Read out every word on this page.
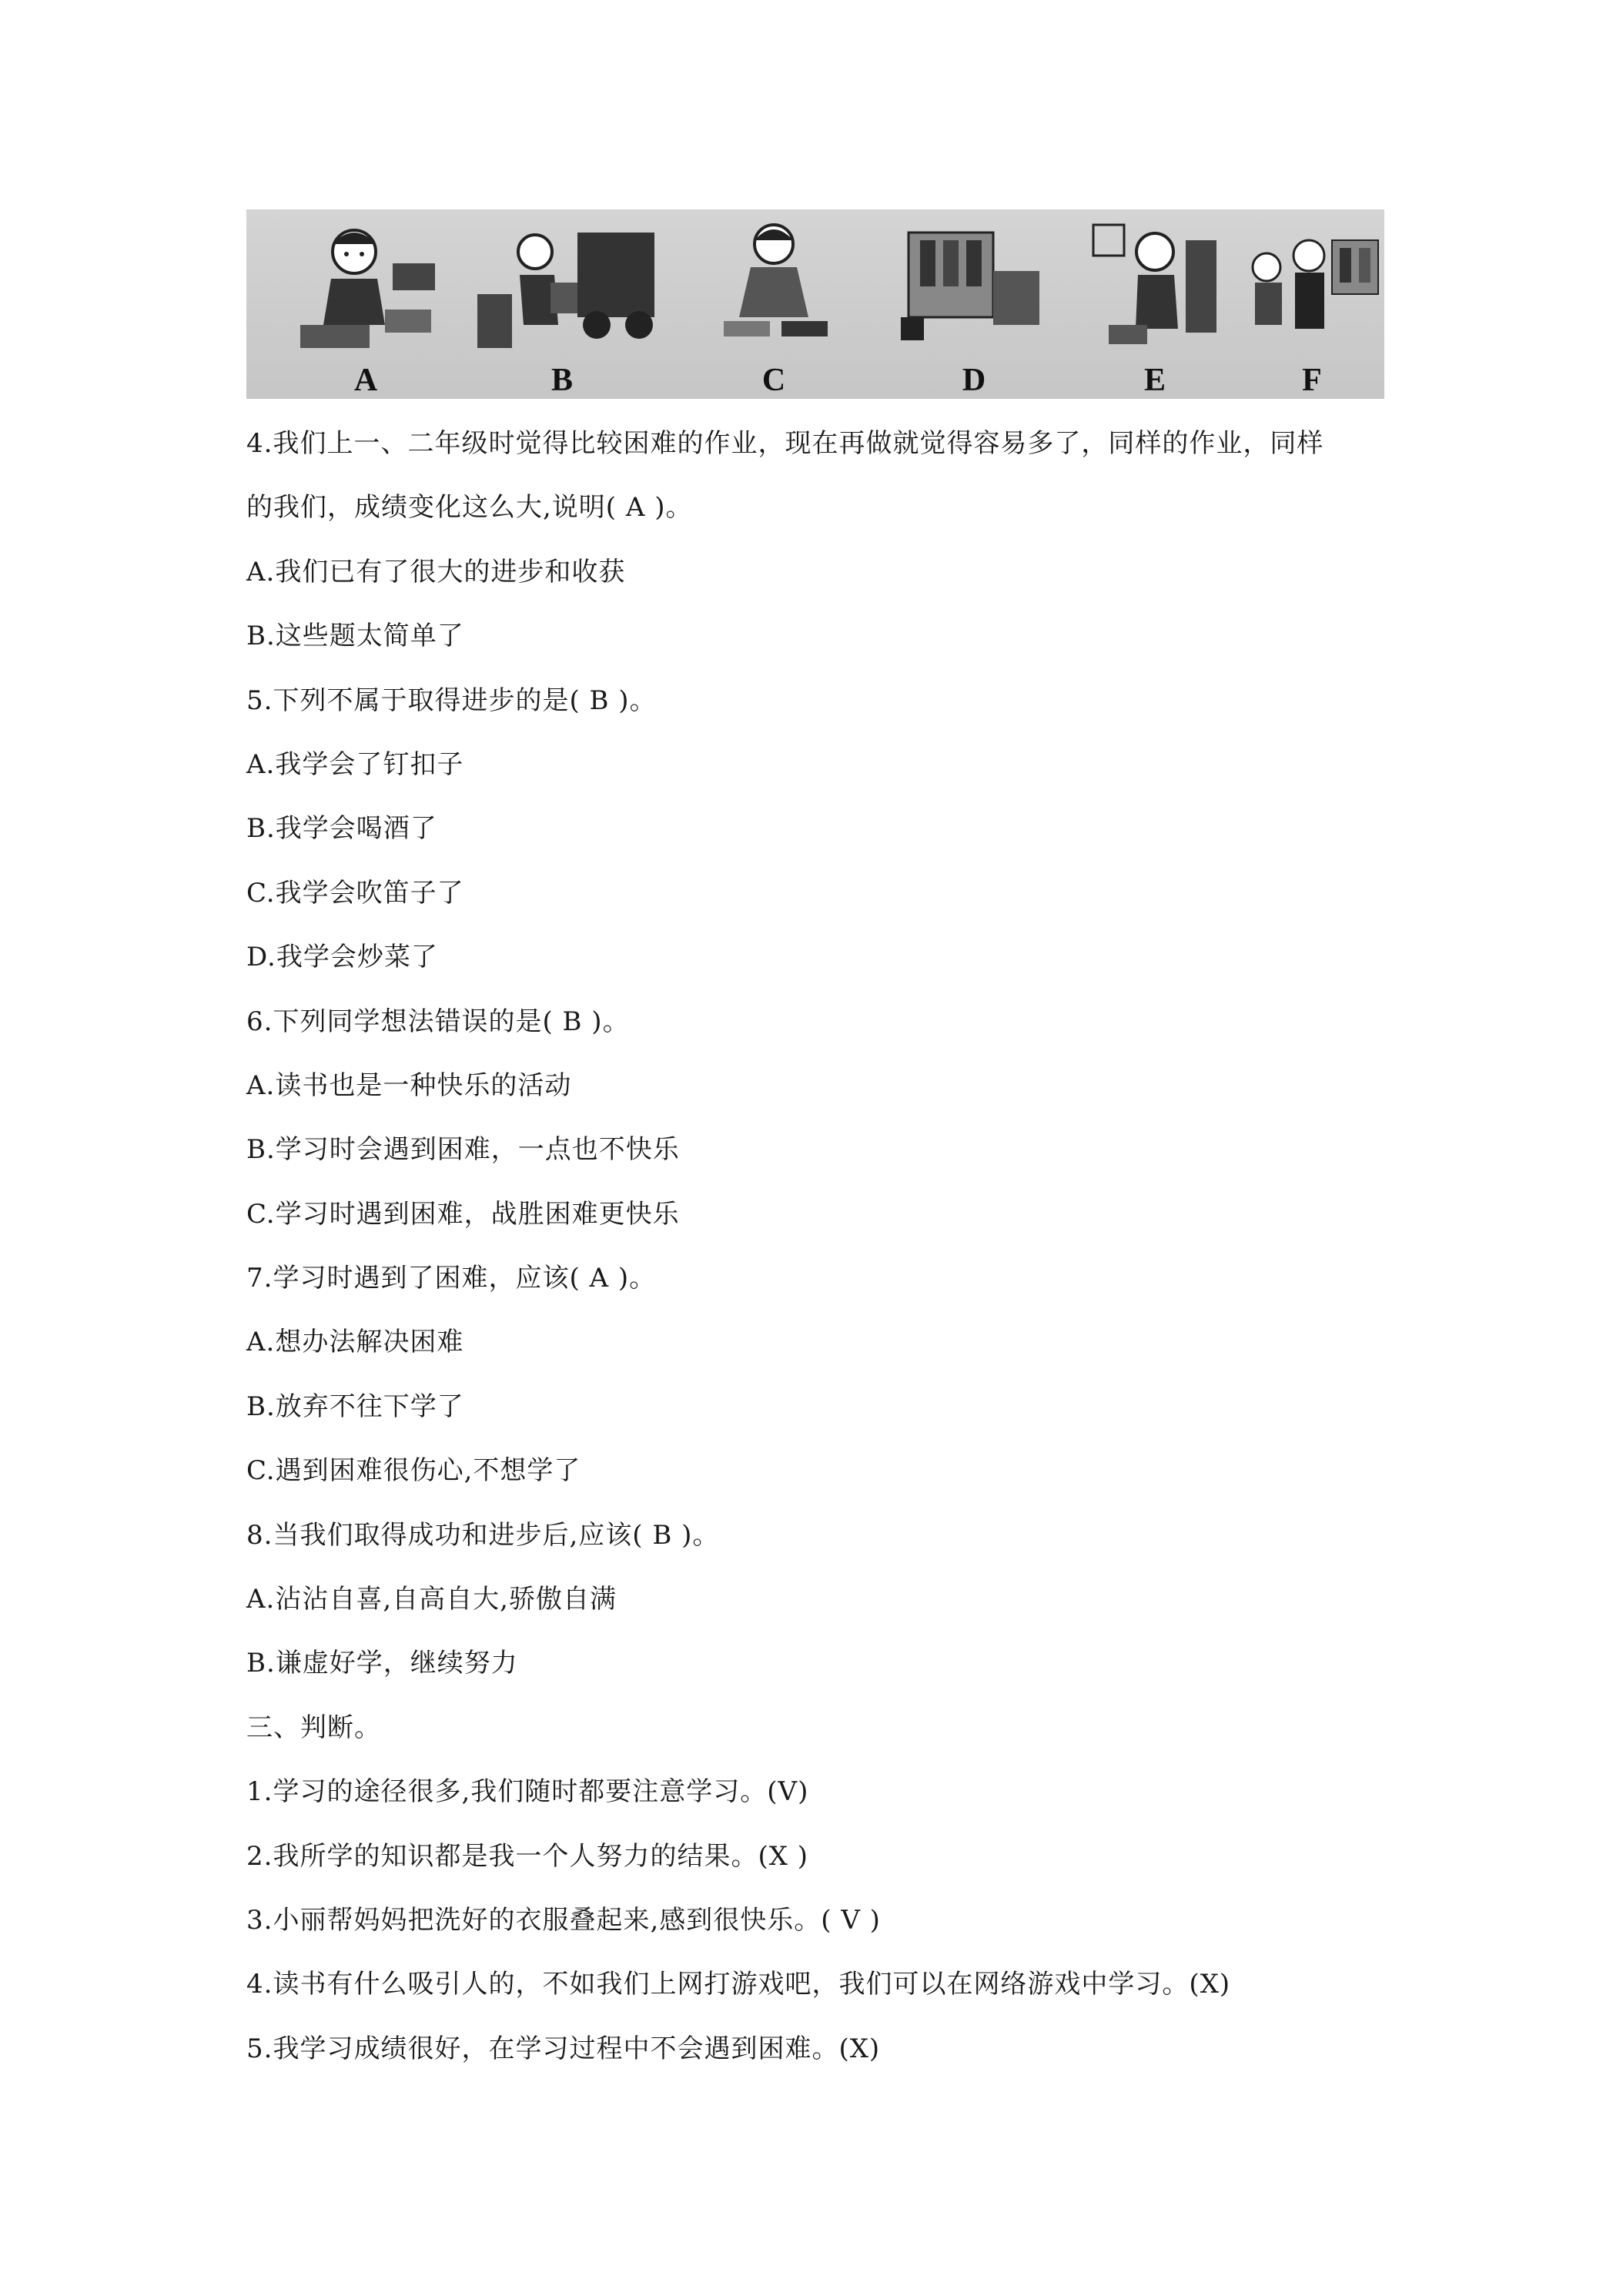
A	B	C	D	E	F
4.我们上一、二年级时觉得比较困难的作业，现在再做就觉得容易多了，同样的作业，同样
的我们，成绩变化这么大,说明( A )。
A.我们已有了很大的进步和收获
B.这些题太简单了
5.下列不属于取得进步的是( B )。
A.我学会了钉扣子
B.我学会喝酒了
C.我学会吹笛子了
D.我学会炒菜了
6.下列同学想法错误的是( B )。
A.读书也是一种快乐的活动
B.学习时会遇到困难，一点也不快乐
C.学习时遇到困难，战胜困难更快乐
7.学习时遇到了困难，应该( A )。
A.想办法解决困难
B.放弃不往下学了
C.遇到困难很伤心,不想学了
8.当我们取得成功和进步后,应该( B )。
A.沾沾自喜,自高自大,骄傲自满
B.谦虚好学，继续努力
三、判断。
1.学习的途径很多,我们随时都要注意学习。(V)
2.我所学的知识都是我一个人努力的结果。(X )
3.小丽帮妈妈把洗好的衣服叠起来,感到很快乐。( V )
4.读书有什么吸引人的，不如我们上网打游戏吧，我们可以在网络游戏中学习。(X)
5.我学习成绩很好，在学习过程中不会遇到困难。(X)
